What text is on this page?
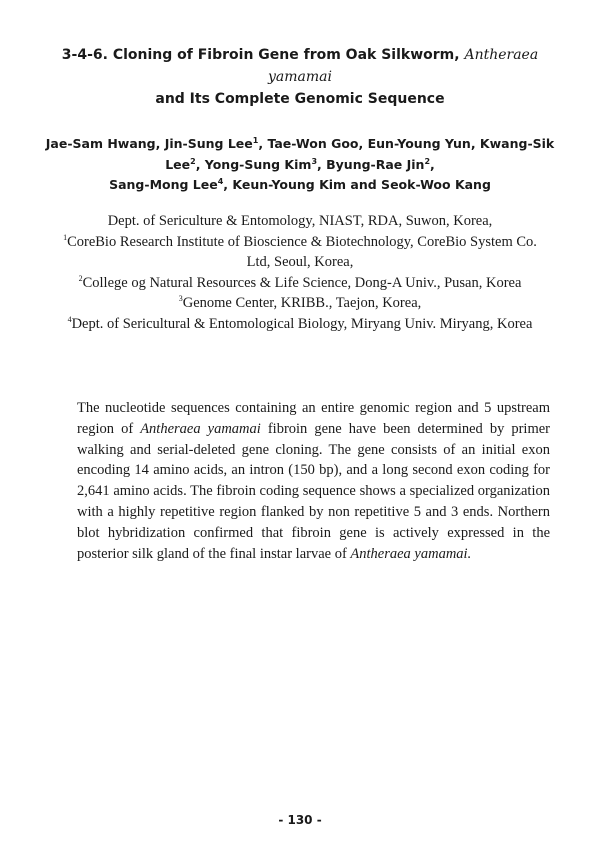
3-4-6. Cloning of Fibroin Gene from Oak Silkworm, Antheraea yamamai
and Its Complete Genomic Sequence
Jae-Sam Hwang, Jin-Sung Lee$^1$, Tae-Won Goo, Eun-Young Yun, Kwang-Sik
Lee$^2$, Yong-Sung Kim$^3$, Byung-Rae Jin$^2$,
Sang-Mong Lee$^4$, Keun-Young Kim and Seok-Woo Kang
Dept. of Sericulture & Entomology, NIAST, RDA, Suwon, Korea,
$^1$CoreBio Research Institute of Bioscience & Biotechnology, CoreBio System Co.
Ltd, Seoul, Korea,
$^2$College og Natural Resources & Life Science, Dong-A Univ., Pusan, Korea
$^3$Genome Center, KRIBB., Taejon, Korea,
$^4$Dept. of Sericultural & Entomological Biology, Miryang Univ. Miryang, Korea
The nucleotide sequences containing an entire genomic region and 5 upstream region of Antheraea yamamai fibroin gene have been determined by primer walking and serial-deleted gene cloning. The gene consists of an initial exon encoding 14 amino acids, an intron (150 bp), and a long second exon coding for 2,641 amino acids. The fibroin coding sequence shows a specialized organization with a highly repetitive region flanked by non repetitive 5 and 3 ends. Northern blot hybridization confirmed that fibroin gene is actively expressed in the posterior silk gland of the final instar larvae of Antheraea yamamai.
- 130 -
